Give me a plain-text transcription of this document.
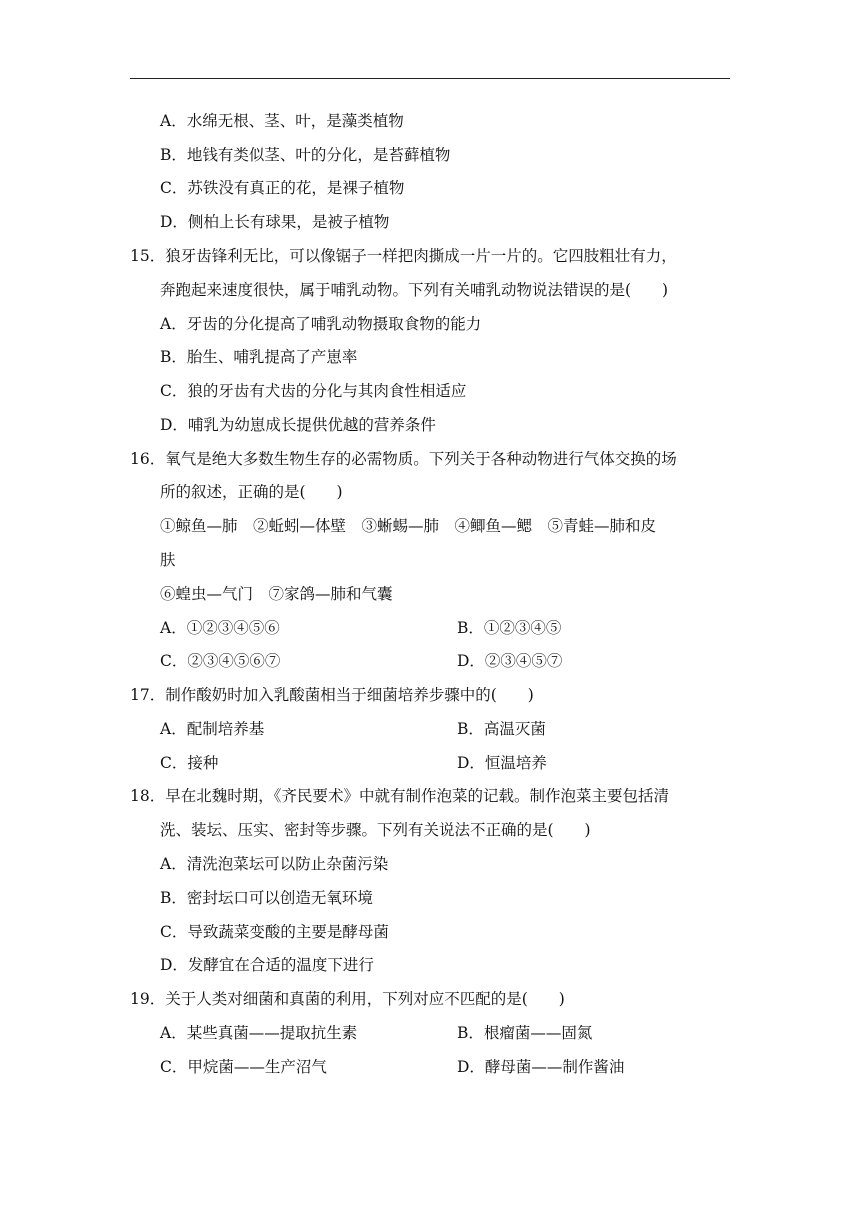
A．水绵无根、茎、叶，是藻类植物
B．地钱有类似茎、叶的分化，是苔藓植物
C．苏铁没有真正的花，是裸子植物
D．侧柏上长有球果，是被子植物
15．狼牙齿锋利无比，可以像锯子一样把肉撕成一片一片的。它四肢粗壮有力，
奔跑起来速度很快，属于哺乳动物。下列有关哺乳动物说法错误的是(　　)
A．牙齿的分化提高了哺乳动物摄取食物的能力
B．胎生、哺乳提高了产崽率
C．狼的牙齿有犬齿的分化与其肉食性相适应
D．哺乳为幼崽成长提供优越的营养条件
16．氧气是绝大多数生物生存的必需物质。下列关于各种动物进行气体交换的场
所的叙述，正确的是(　　)
①鲸鱼—肺　②蚯蚓—体壁　③蜥蜴—肺　④鲫鱼—鳃　⑤青蛙—肺和皮
肤
⑥蝗虫—气门　⑦家鸽—肺和气囊
A．①②③④⑤⑥	B．①②③④⑤
C．②③④⑤⑥⑦	D．②③④⑤⑦
17．制作酸奶时加入乳酸菌相当于细菌培养步骤中的(　　)
A．配制培养基	B．高温灭菌
C．接种	D．恒温培养
18．早在北魏时期，《齐民要术》中就有制作泡菜的记载。制作泡菜主要包括清
洗、装坛、压实、密封等步骤。下列有关说法不正确的是(　　)
A．清洗泡菜坛可以防止杂菌污染
B．密封坛口可以创造无氧环境
C．导致蔬菜变酸的主要是酵母菌
D．发酵宜在合适的温度下进行
19．关于人类对细菌和真菌的利用，下列对应不匹配的是(　　)
A．某些真菌——提取抗生素	B．根瘤菌——固氮
C．甲烷菌——生产沼气	D．酵母菌——制作酱油
